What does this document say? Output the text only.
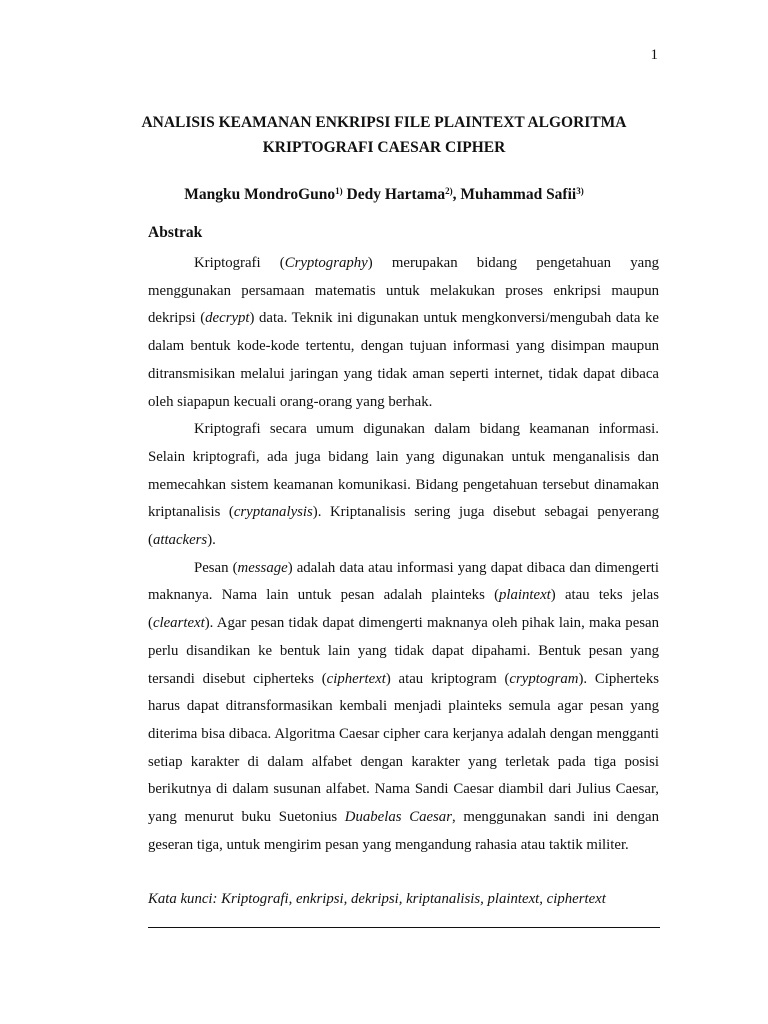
1
ANALISIS KEAMANAN ENKRIPSI FILE PLAINTEXT ALGORITMA
KRIPTOGRAFI CAESAR CIPHER
Mangku MondroGuno$^{1)}$ Dedy Hartama$^{2)}$, Muhammad Safii$^{3)}$
Abstrak

Kriptografi (Cryptography) merupakan bidang pengetahuan yang menggunakan persamaan matematis untuk melakukan proses enkripsi maupun dekripsi (decrypt) data. Teknik ini digunakan untuk mengkonversi/mengubah data ke dalam bentuk kode-kode tertentu, dengan tujuan informasi yang disimpan maupun ditransmisikan melalui jaringan yang tidak aman seperti internet, tidak dapat dibaca oleh siapapun kecuali orang-orang yang berhak.

Kriptografi secara umum digunakan dalam bidang keamanan informasi. Selain kriptografi, ada juga bidang lain yang digunakan untuk menganalisis dan memecahkan sistem keamanan komunikasi. Bidang pengetahuan tersebut dinamakan kriptanalisis (cryptanalysis). Kriptanalisis sering juga disebut sebagai penyerang (attackers).

Pesan (message) adalah data atau informasi yang dapat dibaca dan dimengerti maknanya. Nama lain untuk pesan adalah plainteks (plaintext) atau teks jelas (cleartext). Agar pesan tidak dapat dimengerti maknanya oleh pihak lain, maka pesan perlu disandikan ke bentuk lain yang tidak dapat dipahami. Bentuk pesan yang tersandi disebut cipherteks (ciphertext) atau kriptogram (cryptogram). Cipherteks harus dapat ditransformasikan kembali menjadi plainteks semula agar pesan yang diterima bisa dibaca. Algoritma Caesar cipher cara kerjanya adalah dengan mengganti setiap karakter di dalam alfabet dengan karakter yang terletak pada tiga posisi berikutnya di dalam susunan alfabet. Nama Sandi Caesar diambil dari Julius Caesar, yang menurut buku Suetonius Duabelas Caesar, menggunakan sandi ini dengan geseran tiga, untuk mengirim pesan yang mengandung rahasia atau taktik militer.

Kata kunci: Kriptografi, enkripsi, dekripsi, kriptanalisis, plaintext, ciphertext
